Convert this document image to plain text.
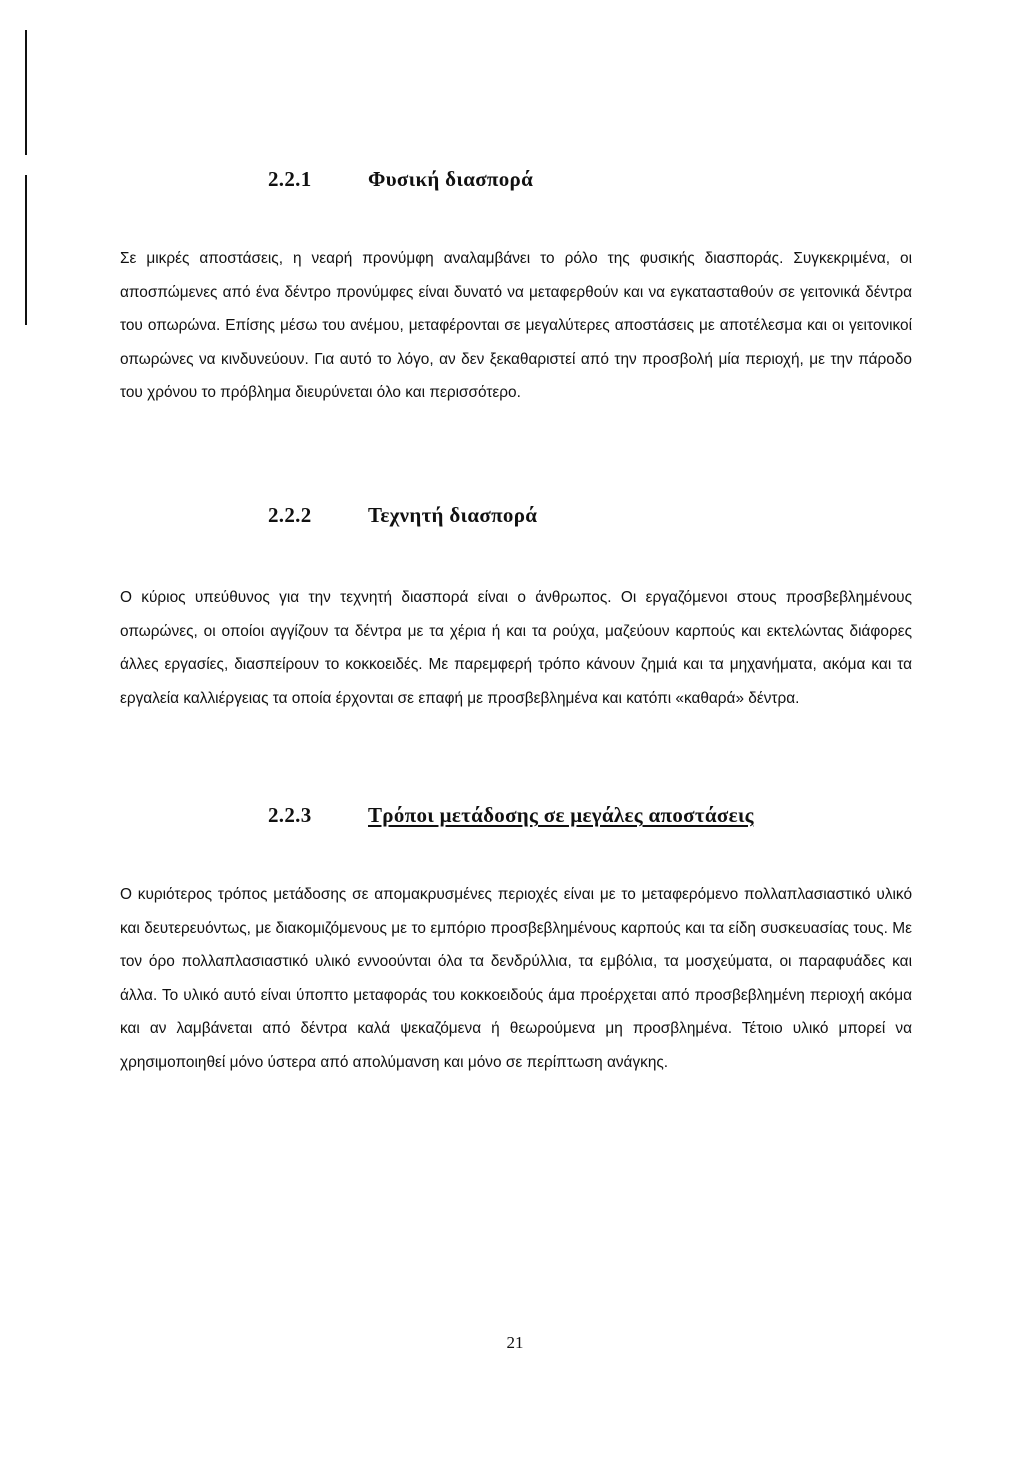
2.2.1	Φυσική διασπορά

Σε μικρές αποστάσεις, η νεαρή προνύμφη αναλαμβάνει το ρόλο της φυσικής διασποράς. Συγκεκριμένα, οι αποσπώμενες από ένα δέντρο προνύμφες είναι δυνατό να μεταφερθούν και να εγκατασταθούν σε γειτονικά δέντρα του οπωρώνα. Επίσης μέσω του ανέμου, μεταφέρονται σε μεγαλύτερες αποστάσεις με αποτέλεσμα και οι γειτονικοί οπωρώνες να κινδυνεύουν. Για αυτό το λόγο, αν δεν ξεκαθαριστεί από την προσβολή μία περιοχή, με την πάροδο του χρόνου το πρόβλημα διευρύνεται όλο και περισσότερο.

2.2.2	Τεχνητή διασπορά

Ο κύριος υπεύθυνος για την τεχνητή διασπορά είναι ο άνθρωπος. Οι εργαζόμενοι στους προσβεβλημένους οπωρώνες, οι οποίοι αγγίζουν τα δέντρα με τα χέρια ή και τα ρούχα, μαζεύουν καρπούς και εκτελώντας διάφορες άλλες εργασίες, διασπείρουν το κοκκοειδές. Με παρεμφερή τρόπο κάνουν ζημιά και τα μηχανήματα, ακόμα και τα εργαλεία καλλιέργειας τα οποία έρχονται σε επαφή με προσβεβλημένα και κατόπι «καθαρά» δέντρα.

2.2.3	Τρόποι μετάδοσης σε μεγάλες αποστάσεις

Ο κυριότερος τρόπος μετάδοσης σε απομακρυσμένες περιοχές είναι με το μεταφερόμενο πολλαπλασιαστικό υλικό και δευτερευόντως, με διακομιζόμενους με το εμπόριο προσβεβλημένους καρπούς και τα είδη συσκευασίας τους. Με τον όρο πολλαπλασιαστικό υλικό εννοούνται όλα τα δενδρύλλια, τα εμβόλια, τα μοσχεύματα, οι παραφυάδες και άλλα. Το υλικό αυτό είναι ύποπτο μεταφοράς του κοκκοειδούς άμα προέρχεται από προσβεβλημένη περιοχή ακόμα και αν λαμβάνεται από δέντρα καλά ψεκαζόμενα ή θεωρούμενα μη προσβλημένα. Τέτοιο υλικό μπορεί να χρησιμοποιηθεί μόνο ύστερα από απολύμανση και μόνο σε περίπτωση ανάγκης.

21
